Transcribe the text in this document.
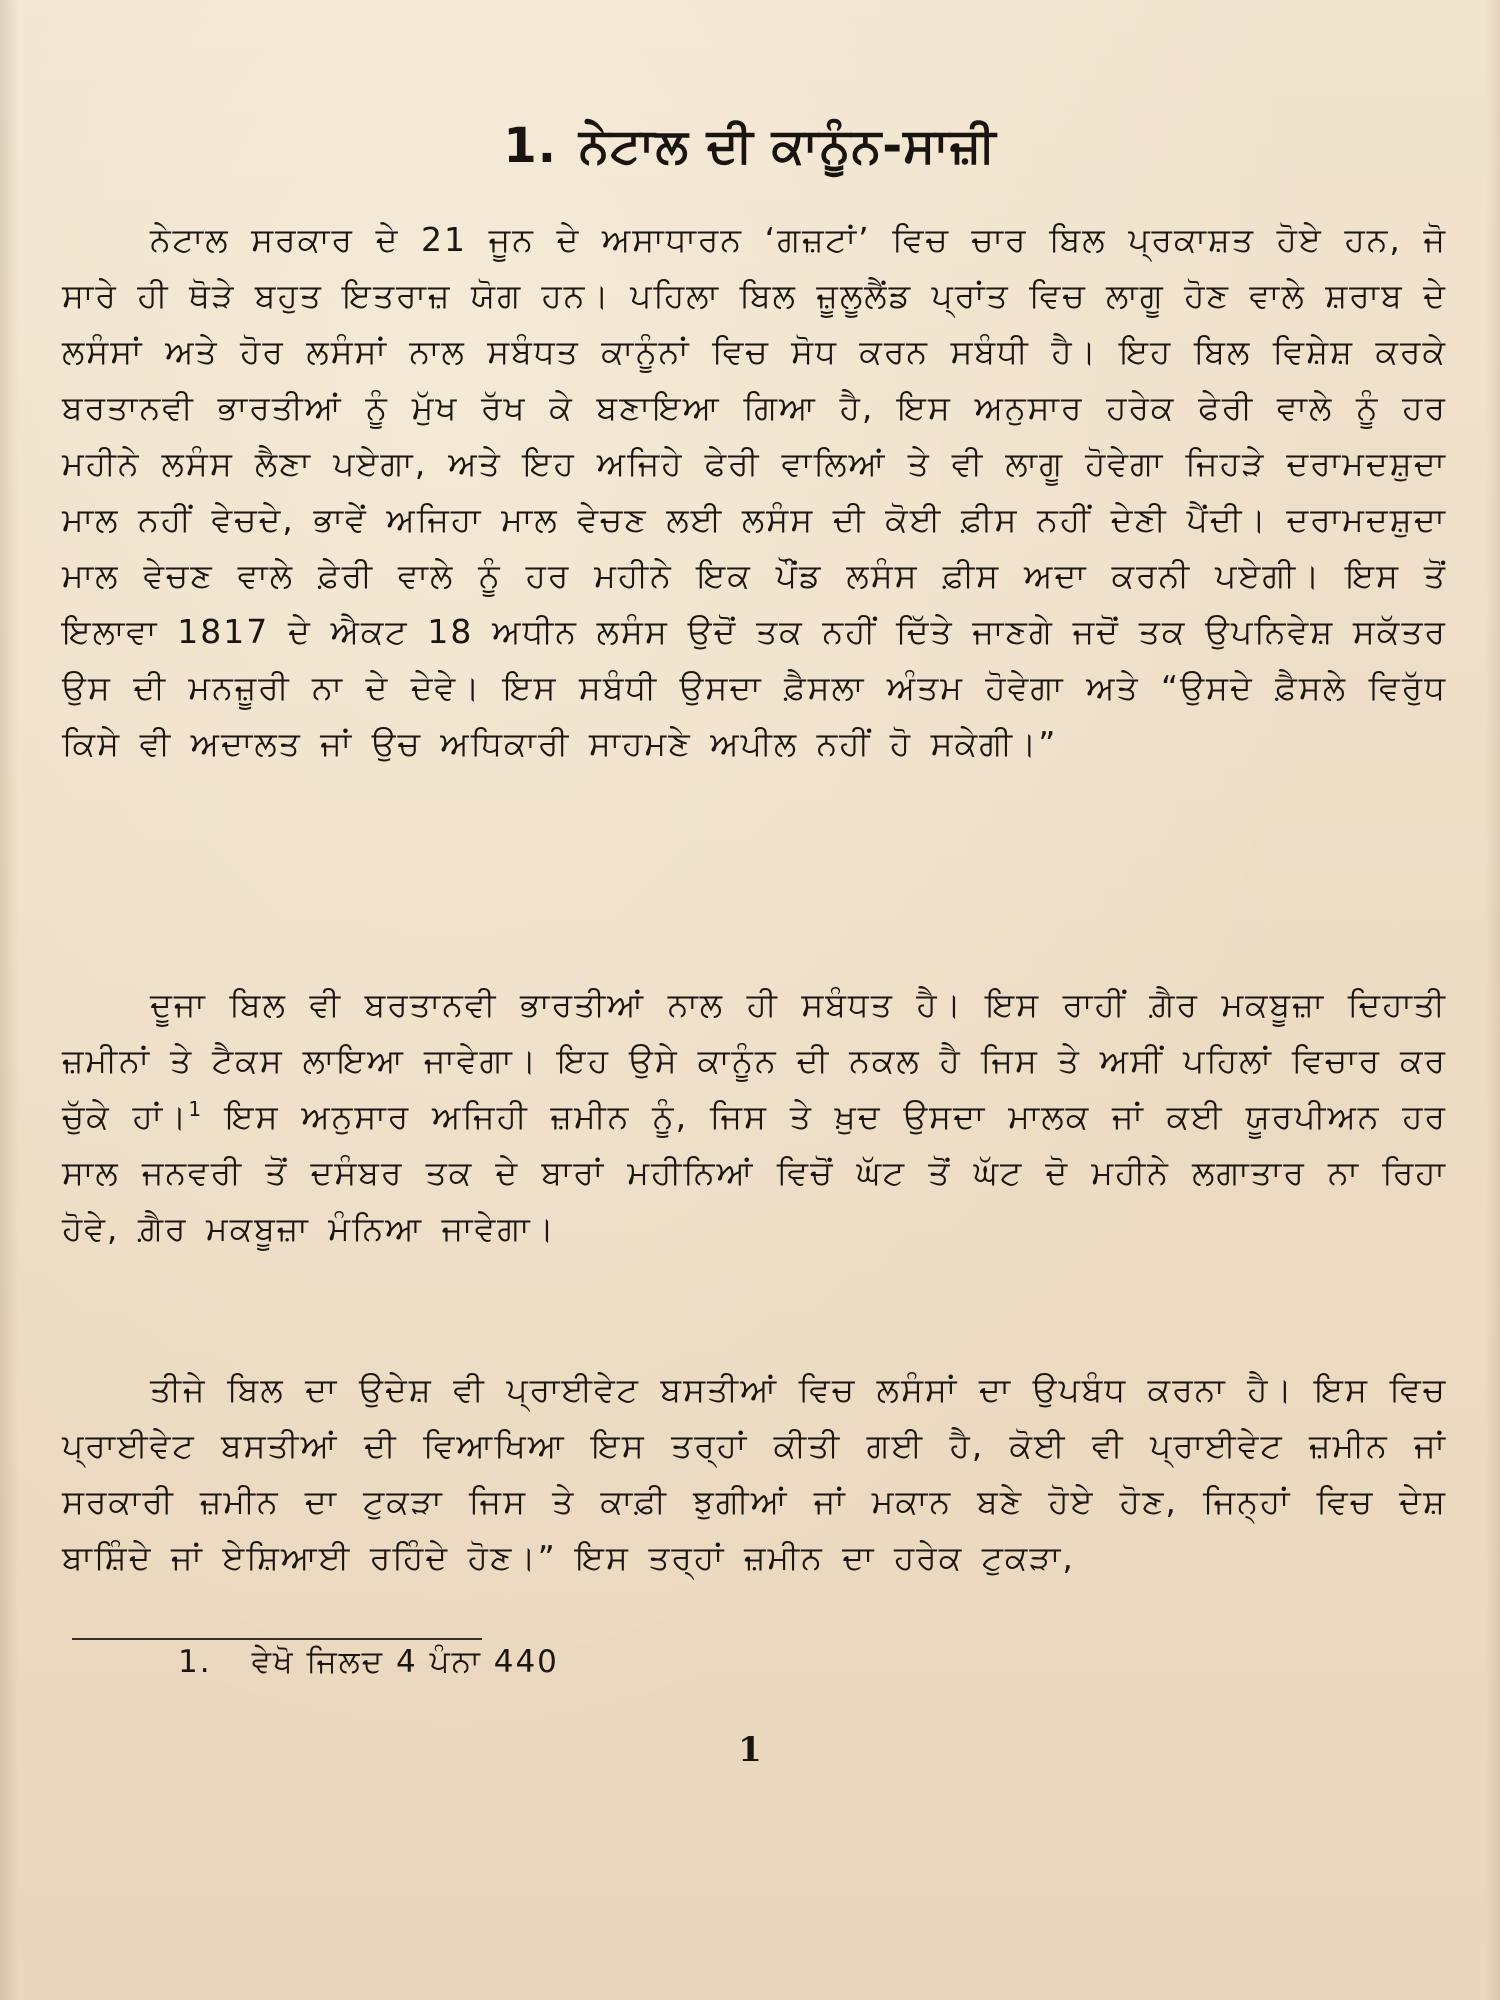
1. ਨੇਟਾਲ ਦੀ ਕਾਨੂੰਨ-ਸਾਜ਼ੀ

ਨੇਟਾਲ ਸਰਕਾਰ ਦੇ 21 ਜੂਨ ਦੇ ਅਸਾਧਾਰਨ ‘ਗਜ਼ਟਾਂ’ ਵਿਚ ਚਾਰ ਬਿਲ ਪ੍ਰਕਾਸ਼ਤ ਹੋਏ ਹਨ, ਜੋ ਸਾਰੇ ਹੀ ਥੋੜੇ ਬਹੁਤ ਇਤਰਾਜ਼ ਯੋਗ ਹਨ। ਪਹਿਲਾ ਬਿਲ ਜ਼ੂਲੂਲੈਂਡ ਪ੍ਰਾਂਤ ਵਿਚ ਲਾਗੂ ਹੋਣ ਵਾਲੇ ਸ਼ਰਾਬ ਦੇ ਲਸੰਸਾਂ ਅਤੇ ਹੋਰ ਲਸੰਸਾਂ ਨਾਲ ਸਬੰਧਤ ਕਾਨੂੰਨਾਂ ਵਿਚ ਸੋਧ ਕਰਨ ਸਬੰਧੀ ਹੈ। ਇਹ ਬਿਲ ਵਿਸ਼ੇਸ਼ ਕਰਕੇ ਬਰਤਾਨਵੀ ਭਾਰਤੀਆਂ ਨੂੰ ਮੁੱਖ ਰੱਖ ਕੇ ਬਣਾਇਆ ਗਿਆ ਹੈ, ਇਸ ਅਨੁਸਾਰ ਹਰੇਕ ਫੇਰੀ ਵਾਲੇ ਨੂੰ ਹਰ ਮਹੀਨੇ ਲਸੰਸ ਲੈਣਾ ਪਏਗਾ, ਅਤੇ ਇਹ ਅਜਿਹੇ ਫੇਰੀ ਵਾਲਿਆਂ ਤੇ ਵੀ ਲਾਗੂ ਹੋਵੇਗਾ ਜਿਹੜੇ ਦਰਾਮਦਸ਼ੁਦਾ ਮਾਲ ਨਹੀਂ ਵੇਚਦੇ, ਭਾਵੇਂ ਅਜਿਹਾ ਮਾਲ ਵੇਚਣ ਲਈ ਲਸੰਸ ਦੀ ਕੋਈ ਫ਼ੀਸ ਨਹੀਂ ਦੇਣੀ ਪੈਂਦੀ। ਦਰਾਮਦਸ਼ੁਦਾ ਮਾਲ ਵੇਚਣ ਵਾਲੇ ਫ਼ੇਰੀ ਵਾਲੇ ਨੂੰ ਹਰ ਮਹੀਨੇ ਇਕ ਪੌਂਡ ਲਸੰਸ ਫ਼ੀਸ ਅਦਾ ਕਰਨੀ ਪਏਗੀ। ਇਸ ਤੋਂ ਇਲਾਵਾ 1817 ਦੇ ਐਕਟ 18 ਅਧੀਨ ਲਸੰਸ ਉਦੋਂ ਤਕ ਨਹੀਂ ਦਿੱਤੇ ਜਾਣਗੇ ਜਦੋਂ ਤਕ ਉਪਨਿਵੇਸ਼ ਸਕੱਤਰ ਉਸ ਦੀ ਮਨਜ਼ੂਰੀ ਨਾ ਦੇ ਦੇਵੇ। ਇਸ ਸਬੰਧੀ ਉਸਦਾ ਫ਼ੈਸਲਾ ਅੰਤਮ ਹੋਵੇਗਾ ਅਤੇ “ਉਸਦੇ ਫ਼ੈਸਲੇ ਵਿਰੁੱਧ ਕਿਸੇ ਵੀ ਅਦਾਲਤ ਜਾਂ ਉਚ ਅਧਿਕਾਰੀ ਸਾਹਮਣੇ ਅਪੀਲ ਨਹੀਂ ਹੋ ਸਕੇਗੀ।”

ਦੂਜਾ ਬਿਲ ਵੀ ਬਰਤਾਨਵੀ ਭਾਰਤੀਆਂ ਨਾਲ ਹੀ ਸਬੰਧਤ ਹੈ। ਇਸ ਰਾਹੀਂ ਗ਼ੈਰ ਮਕਬੂਜ਼ਾ ਦਿਹਾਤੀ ਜ਼ਮੀਨਾਂ ਤੇ ਟੈਕਸ ਲਾਇਆ ਜਾਵੇਗਾ। ਇਹ ਉਸੇ ਕਾਨੂੰਨ ਦੀ ਨਕਲ ਹੈ ਜਿਸ ਤੇ ਅਸੀਂ ਪਹਿਲਾਂ ਵਿਚਾਰ ਕਰ ਚੁੱਕੇ ਹਾਂ।$^1$ ਇਸ ਅਨੁਸਾਰ ਅਜਿਹੀ ਜ਼ਮੀਨ ਨੂੰ, ਜਿਸ ਤੇ ਖ਼ੁਦ ਉਸਦਾ ਮਾਲਕ ਜਾਂ ਕਈ ਯੂਰਪੀਅਨ ਹਰ ਸਾਲ ਜਨਵਰੀ ਤੋਂ ਦਸੰਬਰ ਤਕ ਦੇ ਬਾਰਾਂ ਮਹੀਨਿਆਂ ਵਿਚੋਂ ਘੱਟ ਤੋਂ ਘੱਟ ਦੋ ਮਹੀਨੇ ਲਗਾਤਾਰ ਨਾ ਰਿਹਾ ਹੋਵੇ, ਗ਼ੈਰ ਮਕਬੂਜ਼ਾ ਮੰਨਿਆ ਜਾਵੇਗਾ।

ਤੀਜੇ ਬਿਲ ਦਾ ਉਦੇਸ਼ ਵੀ ਪ੍ਰਾਈਵੇਟ ਬਸਤੀਆਂ ਵਿਚ ਲਸੰਸਾਂ ਦਾ ਉਪਬੰਧ ਕਰਨਾ ਹੈ। ਇਸ ਵਿਚ ਪ੍ਰਾਈਵੇਟ ਬਸਤੀਆਂ ਦੀ ਵਿਆਖਿਆ ਇਸ ਤਰ੍ਹਾਂ ਕੀਤੀ ਗਈ ਹੈ, ਕੋਈ ਵੀ ਪ੍ਰਾਈਵੇਟ ਜ਼ਮੀਨ ਜਾਂ ਸਰਕਾਰੀ ਜ਼ਮੀਨ ਦਾ ਟੁਕੜਾ ਜਿਸ ਤੇ ਕਾਫ਼ੀ ਝੁਗੀਆਂ ਜਾਂ ਮਕਾਨ ਬਣੇ ਹੋਏ ਹੋਣ, ਜਿਨ੍ਹਾਂ ਵਿਚ ਦੇਸ਼ ਬਾਸ਼ਿੰਦੇ ਜਾਂ ਏਸ਼ਿਆਈ ਰਹਿੰਦੇ ਹੋਣ।” ਇਸ ਤਰ੍ਹਾਂ ਜ਼ਮੀਨ ਦਾ ਹਰੇਕ ਟੁਕੜਾ,

1. ਵੇਖੋ ਜਿਲਦ 4 ਪੰਨਾ 440
1
